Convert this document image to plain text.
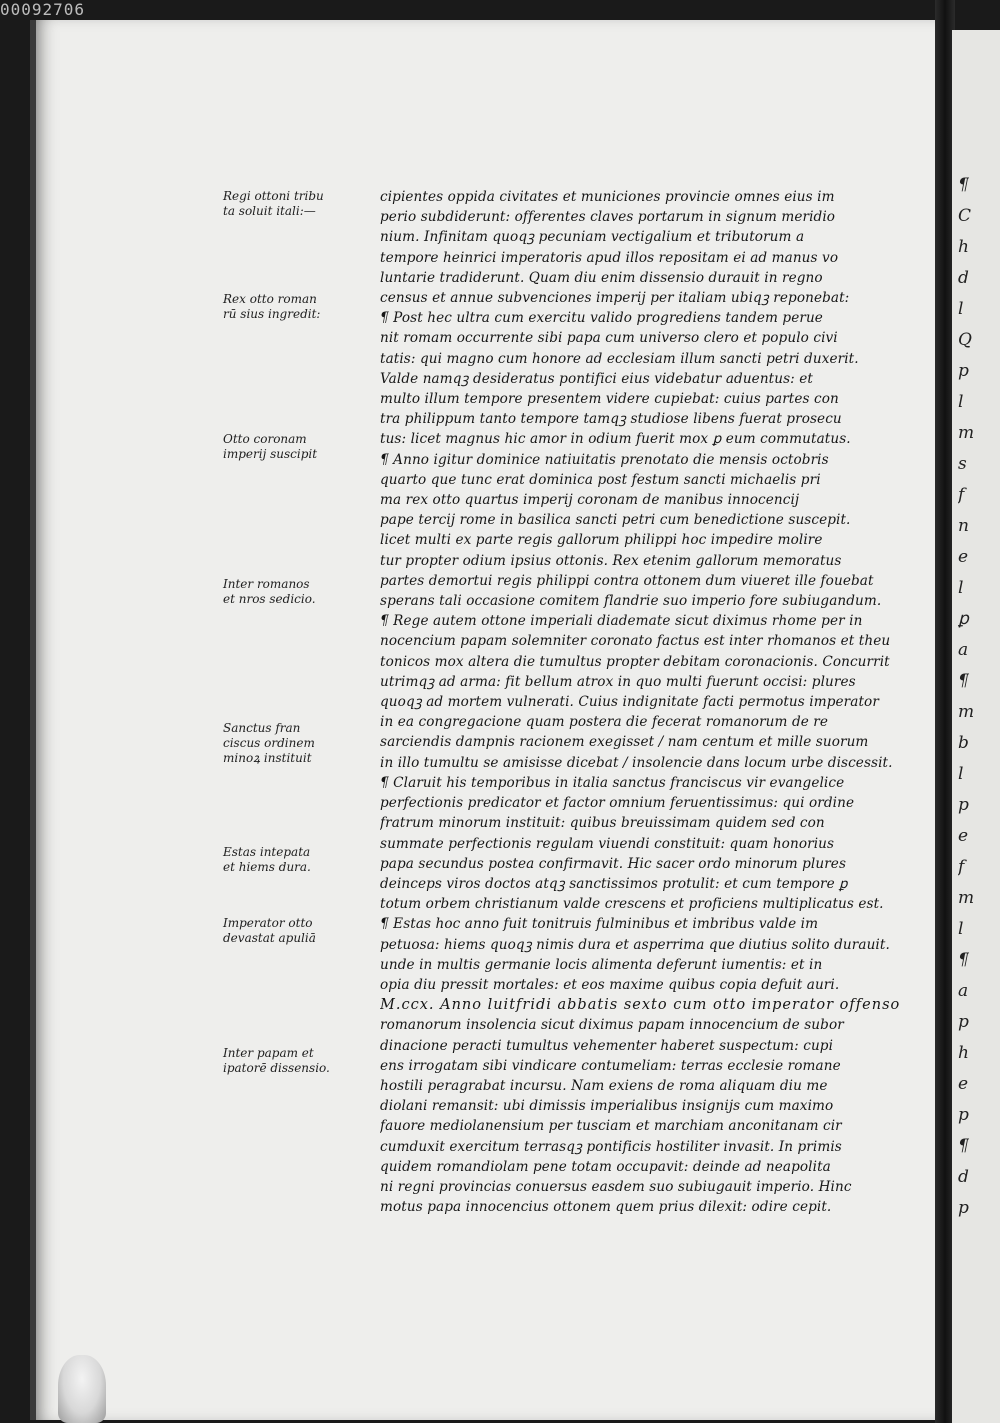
00092706
¶
C
h
d
l
Q
p
l
m
s
f
n
e
l
ꝑ
a
¶
m
b
l
p
e
f
m
l
¶
a
p
h
e
p
¶
d
p
Regi ottoni tribu
ta soluit itali:—
Rex otto roman
rū sius ingredit:
Otto coronam
imperij suscipit
Inter romanos
et nros sedicio.
Sanctus fran
ciscus ordinem
minoꝝ instituit
Estas intepata
et hiems dura.
Imperator otto
devastat apuliā
Inter papam et
ipatorē dissensio.
cipientes oppida civitates et municiones provincie omnes eius im
perio subdiderunt: offerentes claves portarum in signum meridio
nium. Infinitam quoqꝫ pecuniam vectigalium et tributorum a
tempore heinrici imperatoris apud illos repositam ei ad manus vo
luntarie tradiderunt. Quam diu enim dissensio durauit in regno
census et annue subvenciones imperij per italiam ubiqꝫ reponebat:
¶ Post hec ultra cum exercitu valido progrediens tandem perue
nit romam occurrente sibi papa cum universo clero et populo civi
tatis: qui magno cum honore ad ecclesiam illum sancti petri duxerit.
Valde namqꝫ desideratus pontifici eius videbatur aduentus: et
multo illum tempore presentem videre cupiebat: cuius partes con
tra philippum tanto tempore tamqꝫ studiose libens fuerat prosecu
tus: licet magnus hic amor in odium fuerit mox ꝑ eum commutatus.
¶ Anno igitur dominice natiuitatis prenotato die mensis octobris
quarto que tunc erat dominica post festum sancti michaelis pri
ma rex otto quartus imperij coronam de manibus innocencij
pape tercij rome in basilica sancti petri cum benedictione suscepit.
licet multi ex parte regis gallorum philippi hoc impedire molire
tur propter odium ipsius ottonis. Rex etenim gallorum memoratus
partes demortui regis philippi contra ottonem dum viueret ille fouebat
sperans tali occasione comitem flandrie suo imperio fore subiugandum.
¶ Rege autem ottone imperiali diademate sicut diximus rhome per in
nocencium papam solemniter coronato factus est inter rhomanos et theu
tonicos mox altera die tumultus propter debitam coronacionis. Concurrit
utrimqꝫ ad arma: fit bellum atrox in quo multi fuerunt occisi: plures
quoqꝫ ad mortem vulnerati. Cuius indignitate facti permotus imperator
in ea congregacione quam postera die fecerat romanorum de re
sarciendis dampnis racionem exegisset / nam centum et mille suorum
in illo tumultu se amisisse dicebat / insolencie dans locum urbe discessit.
¶ Claruit his temporibus in italia sanctus franciscus vir evangelice
perfectionis predicator et factor omnium feruentissimus: qui ordine
fratrum minorum instituit: quibus breuissimam quidem sed con
summate perfectionis regulam viuendi constituit: quam honorius
papa secundus postea confirmavit. Hic sacer ordo minorum plures
deinceps viros doctos atqꝫ sanctissimos protulit: et cum tempore ꝑ
totum orbem christianum valde crescens et proficiens multiplicatus est.
¶ Estas hoc anno fuit tonitruis fulminibus et imbribus valde im
petuosa: hiems quoqꝫ nimis dura et asperrima que diutius solito durauit.
unde in multis germanie locis alimenta deferunt iumentis: et in
opia diu pressit mortales: et eos maxime quibus copia defuit auri.
M.ccx. Anno luitfridi abbatis sexto cum otto imperator offenso
romanorum insolencia sicut diximus papam innocencium de subor
dinacione peracti tumultus vehementer haberet suspectum: cupi
ens irrogatam sibi vindicare contumeliam: terras ecclesie romane
hostili peragrabat incursu. Nam exiens de roma aliquam diu me
diolani remansit: ubi dimissis imperialibus insignijs cum maximo
fauore mediolanensium per tusciam et marchiam anconitanam cir
cumduxit exercitum terrasqꝫ pontificis hostiliter invasit. In primis
quidem romandiolam pene totam occupavit: deinde ad neapolita
ni regni provincias conuersus easdem suo subiugauit imperio. Hinc
motus papa innocencius ottonem quem prius dilexit: odire cepit.
